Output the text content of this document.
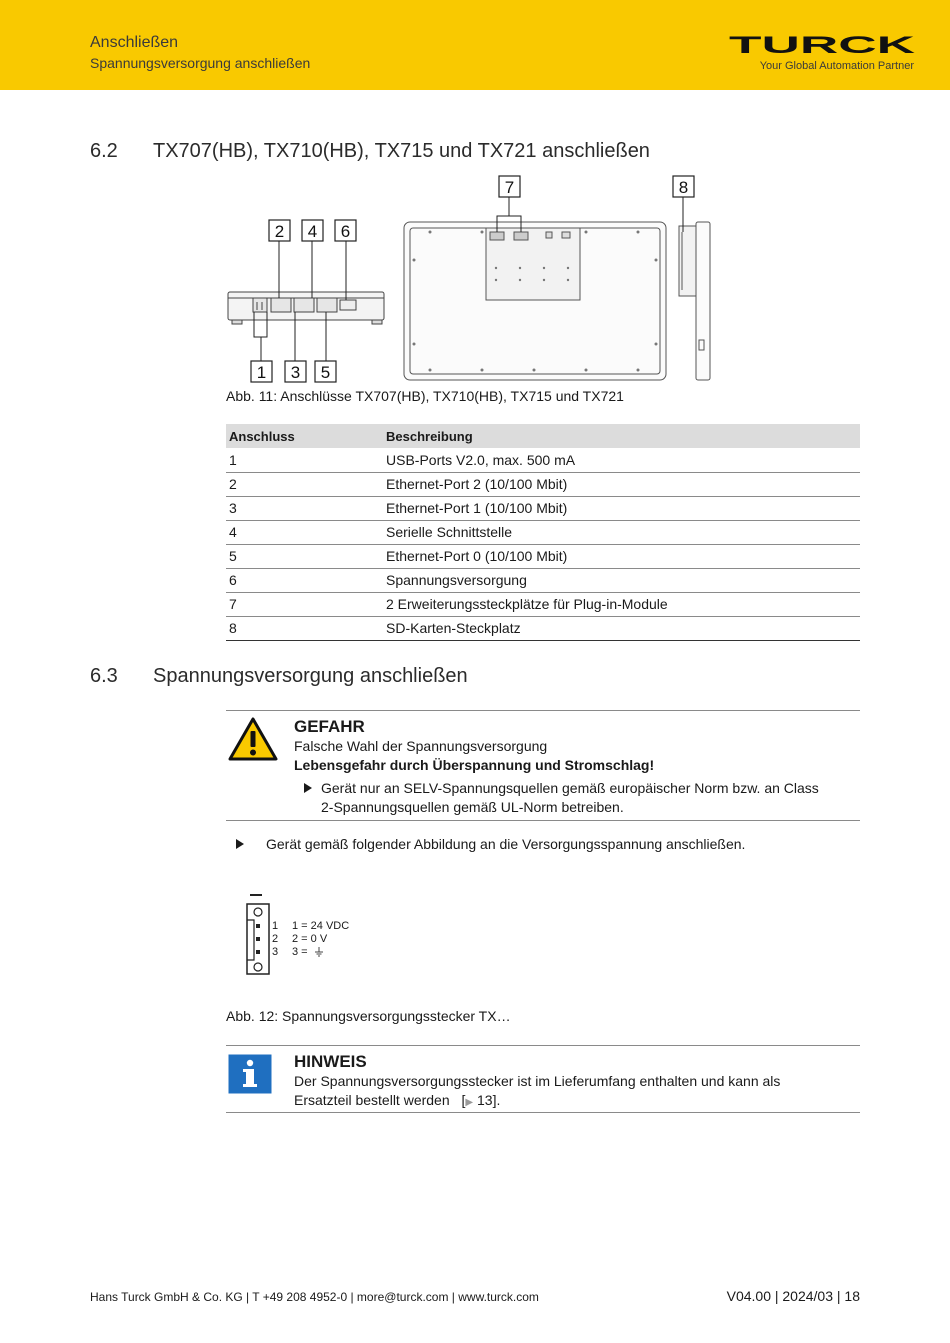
Anschließen
Spannungsversorgung anschließen
TURCK
Your Global Automation Partner
6.2 TX707(HB), TX710(HB), TX715 und TX721 anschließen
2 4 6
1 3 5
7	8
Abb. 11: Anschlüsse TX707(HB), TX710(HB), TX715 und TX721
Anschluss	Beschreibung
1	USB-Ports V2.0, max. 500 mA
2	Ethernet-Port 2 (10/100 Mbit)
3	Ethernet-Port 1 (10/100 Mbit)
4	Serielle Schnittstelle
5	Ethernet-Port 0 (10/100 Mbit)
6	Spannungsversorgung
7	2 Erweiterungssteckplätze für Plug-in-Module
8	SD-Karten-Steckplatz
6.3 Spannungsversorgung anschließen
GEFAHR
Falsche Wahl der Spannungsversorgung
Lebensgefahr durch Überspannung und Stromschlag!
Gerät nur an SELV-Spannungsquellen gemäß europäischer Norm bzw. an Class
2-Spannungsquellen gemäß UL-Norm betreiben.
Gerät gemäß folgender Abbildung an die Versorgungsspannung anschließen.
1
2
3
1 = 24 VDC
2 = 0 V
3 =
Abb. 12: Spannungsversorgungsstecker TX…
HINWEIS
Der Spannungsversorgungsstecker ist im Lieferumfang enthalten und kann als
Ersatzteil bestellt werden [▶ 13].
Hans Turck GmbH & Co. KG | T +49 208 4952-0 | more@turck.com | www.turck.com	V04.00 | 2024/03 | 18
